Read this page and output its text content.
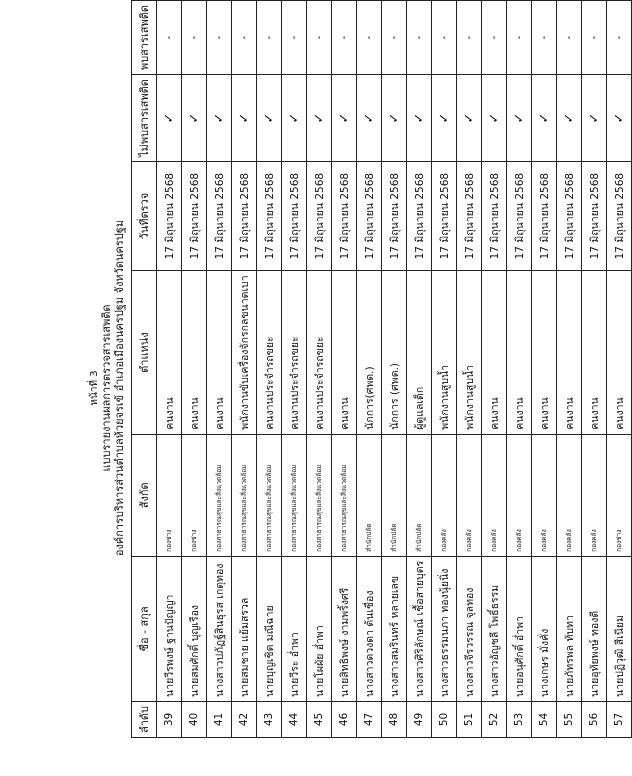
หน้าที่ 3 แบบรายงานผลการตรวจสารเสพติด องค์การบริหารส่วนตำบลห้วยจรเข้ อำเภอเมืองนครปฐม จังหวัดนครปฐม
ลำดับ	ชื่อ - สกุล	สังกัด	ตำแหน่ง	วันที่ตรวจ	ไม่พบสารเสพติด	พบสารเสพติด
39	นายวีรพงษ์ ฐานปัญญา	กองช่าง	คนงาน	17 มิถุนายน 2568	✓	-
40	นายสมศักดิ์ บุญเรือง	กองช่าง	คนงาน	17 มิถุนายน 2568	✓	-
41	นางสาวปภัฏฐ์สินธุรส เกตุทอง	กองสาธารณสุขและสิ่งแวดล้อม	คนงาน	17 มิถุนายน 2568	✓	-
42	นายสมชาย แย้มสรวล	กองสาธารณสุขและสิ่งแวดล้อม	พนักงานขับเครื่องจักรกลขนาดเบา	17 มิถุนายน 2568	✓	-
43	นายบุญเชิด มณีฉาย	กองสาธารณสุขและสิ่งแวดล้อม	คนงานประจำรถขยะ	17 มิถุนายน 2568	✓	-
44	นายวีระ อ่ำพา	กองสาธารณสุขและสิ่งแวดล้อม	คนงานประจำรถขยะ	17 มิถุนายน 2568	✓	-
45	นายโผผัย อ่ำพา	กองสาธารณสุขและสิ่งแวดล้อม	คนงานประจำรถขยะ	17 มิถุนายน 2568	✓	-
46	นายสิทธิพงษ์ งามพริ้งศรี	กองสาธารณสุขและสิ่งแวดล้อม	คนงาน	17 มิถุนายน 2568	✓	-
47	นางสาวดวงดา ต้นเชื่อง	สำนักปลัด	นักการ(ศพด.)	17 มิถุนายน 2568	✓	-
48	นางสาวสมรินทร์ หลายเลข	สำนักปลัด	นักการ (ศพด.)	17 มิถุนายน 2568	✓	-
49	นางสาวศิริลักษณ์ เชื้อสายบุตร	สำนักปลัด	ผู้ดูแลเด็ก	17 มิถุนายน 2568	✓	-
50	นางสาวธรรมนภา ทองนุ้ยนิ่ง	กองคลัง	พนักงานสูบน้ำ	17 มิถุนายน 2568	✓	-
51	นางสาวจีรวรรณ จุลทอง	กองคลัง	พนักงานสูบน้ำ	17 มิถุนายน 2568	✓	-
52	นางสาวอัญชลี โพธิ์ธรรม	กองคลัง	คนงาน	17 มิถุนายน 2568	✓	-
53	นายอนุศักดิ์ อ่ำพา	กองคลัง	คนงาน	17 มิถุนายน 2568	✓	-
54	นางเกษร มั่งคั่ง	กองคลัง	คนงาน	17 มิถุนายน 2568	✓	-
55	นายภัทรพล ทับทา	กองคลัง	คนงาน	17 มิถุนายน 2568	✓	-
56	นายอุทัยพงษ์ ทองดี	กองคลัง	คนงาน	17 มิถุนายน 2568	✓	-
57	นายปฏิวุฒิ สีเนียม	กองช่าง	คนงาน	17 มิถุนายน 2568	✓	-
